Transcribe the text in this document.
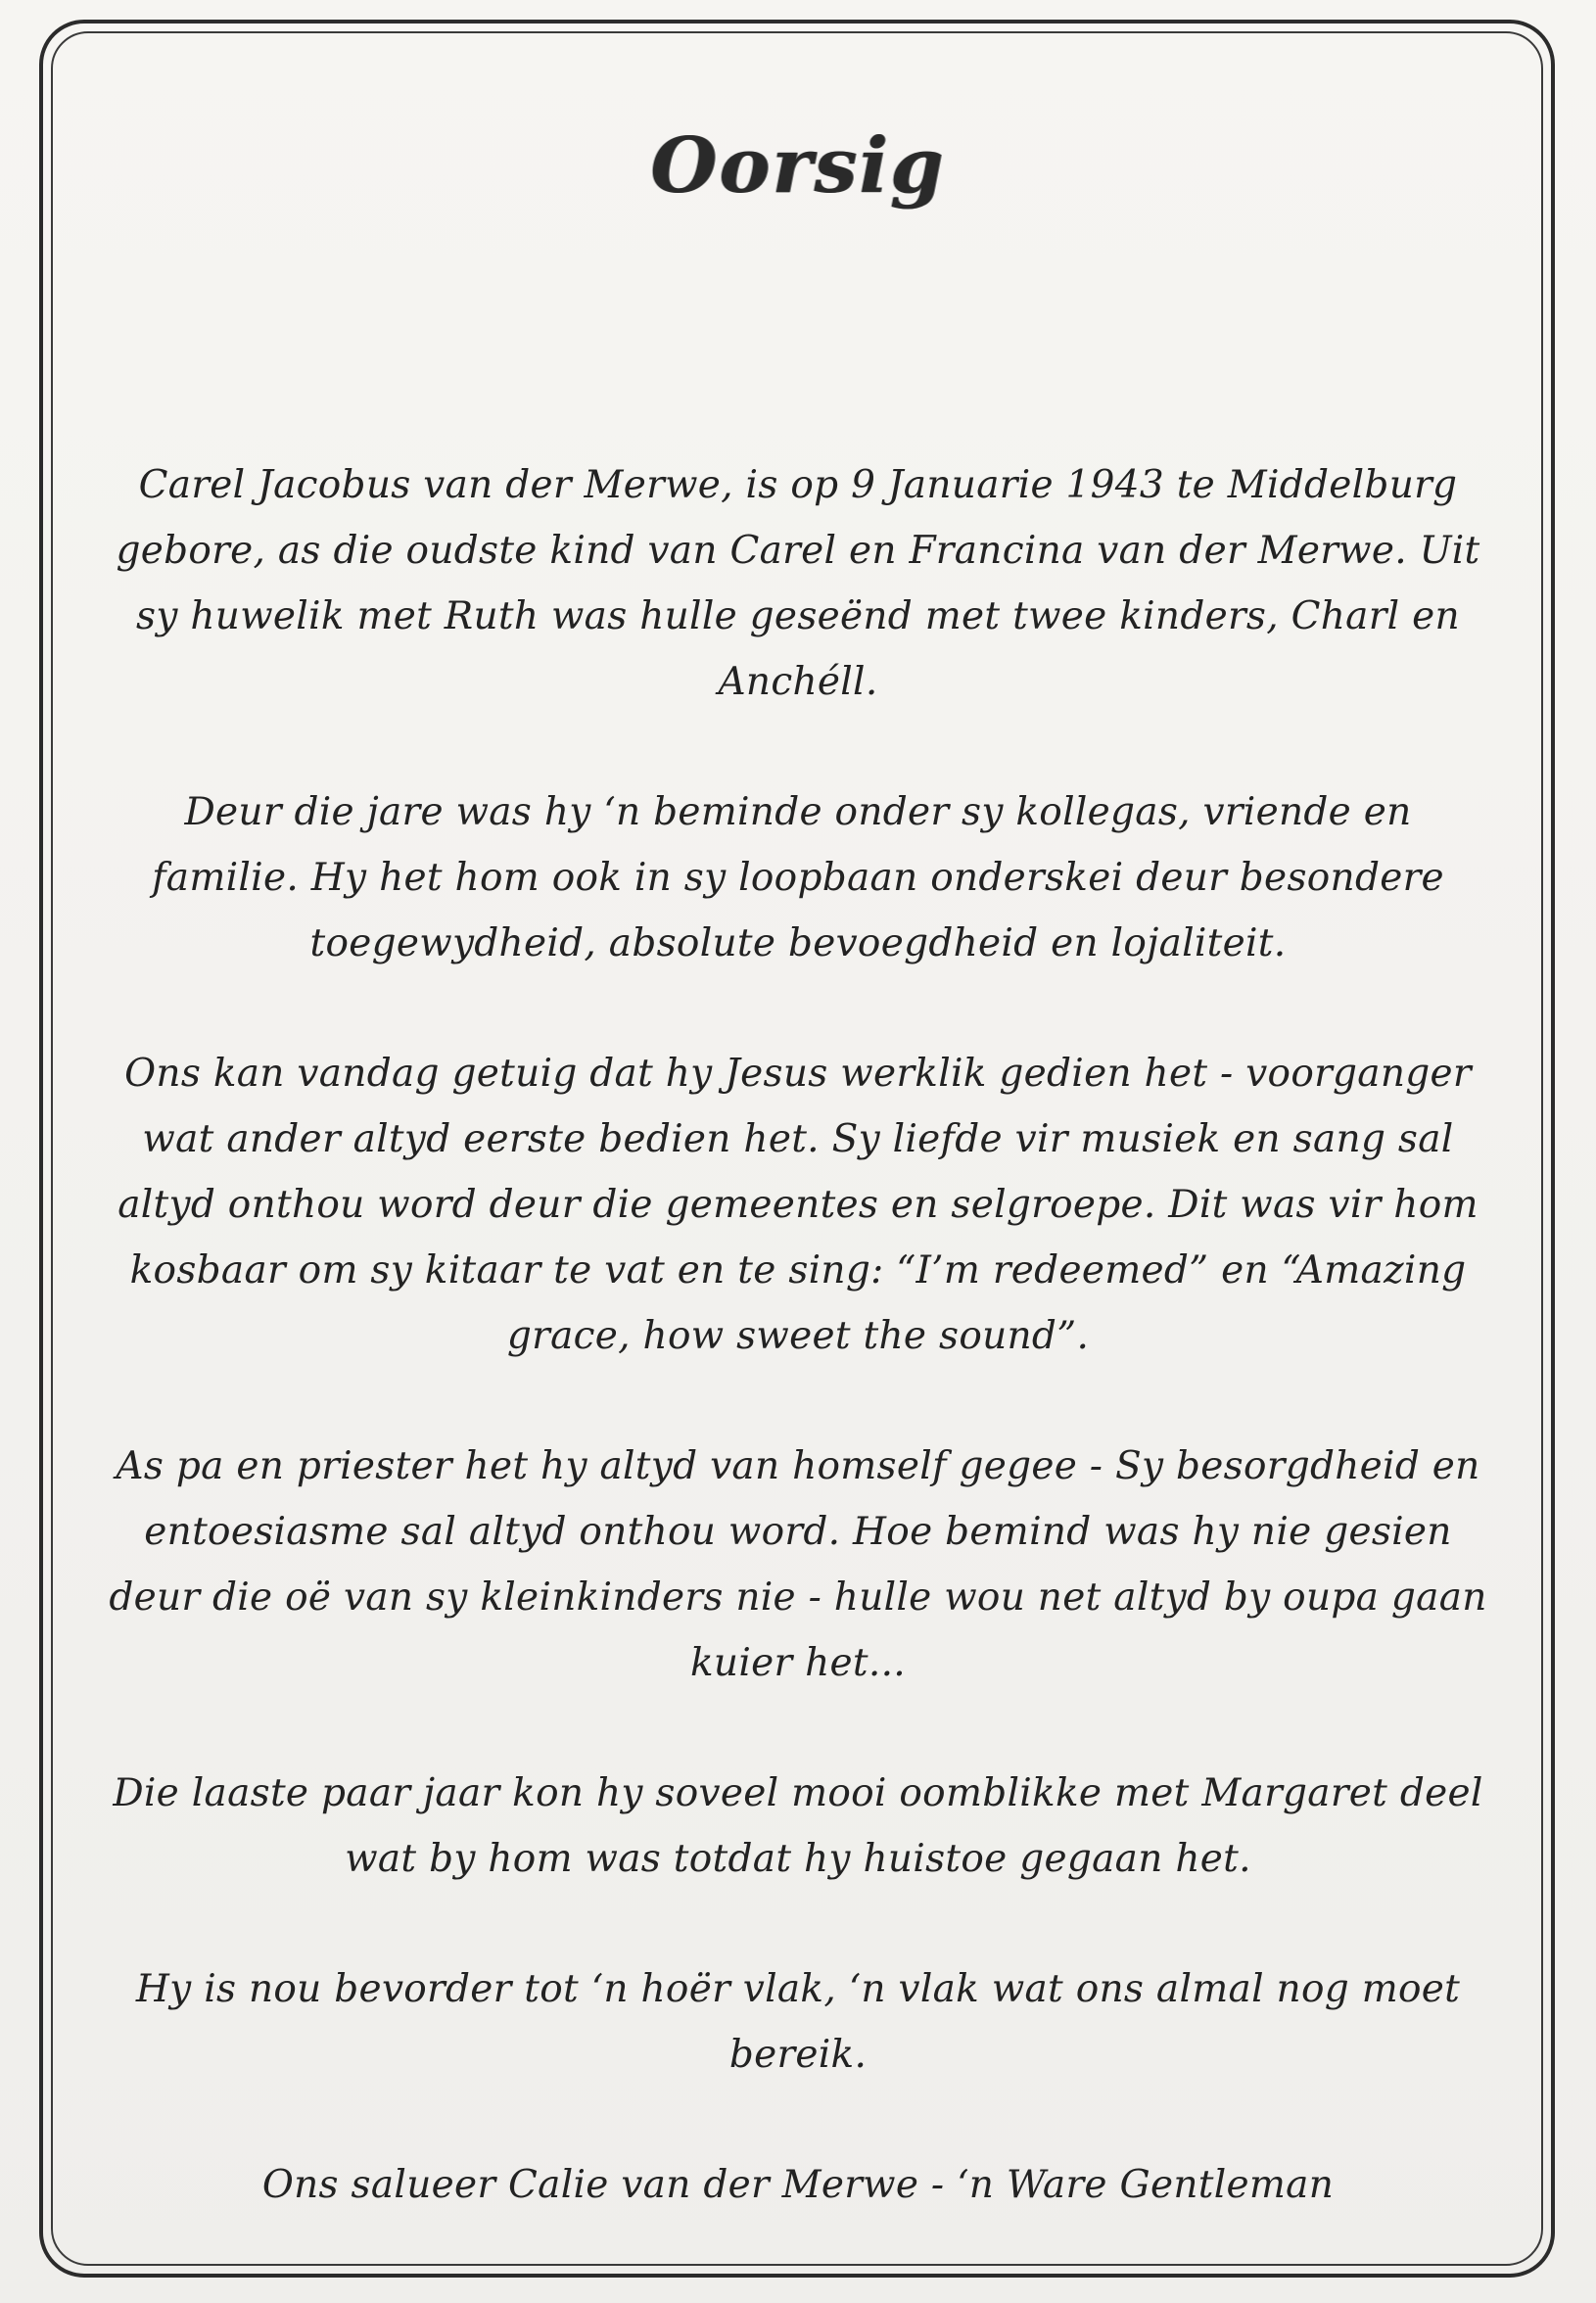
Oorsig

Carel Jacobus van der Merwe, is op 9 Januarie 1943 te Middelburg gebore, as die oudste kind van Carel en Francina van der Merwe. Uit sy huwelik met Ruth was hulle geseënd met twee kinders, Charl en Anchéll.

Deur die jare was hy ‘n beminde onder sy kollegas, vriende en familie. Hy het hom ook in sy loopbaan onderskei deur besondere toegewydheid, absolute bevoegdheid en lojaliteit.

Ons kan vandag getuig dat hy Jesus werklik gedien het - voorganger wat ander altyd eerste bedien het. Sy liefde vir musiek en sang sal altyd onthou word deur die gemeentes en selgroepe. Dit was vir hom kosbaar om sy kitaar te vat en te sing: “I’m redeemed” en “Amazing grace, how sweet the sound”.

As pa en priester het hy altyd van homself gegee - Sy besorgdheid en entoesiasme sal altyd onthou word. Hoe bemind was hy nie gesien deur die oë van sy kleinkinders nie - hulle wou net altyd by oupa gaan kuier het...

Die laaste paar jaar kon hy soveel mooi oomblikke met Margaret deel wat by hom was totdat hy huistoe gegaan het.

Hy is nou bevorder tot ‘n hoër vlak, ‘n vlak wat ons almal nog moet bereik.

Ons salueer Calie van der Merwe - ‘n Ware Gentleman
